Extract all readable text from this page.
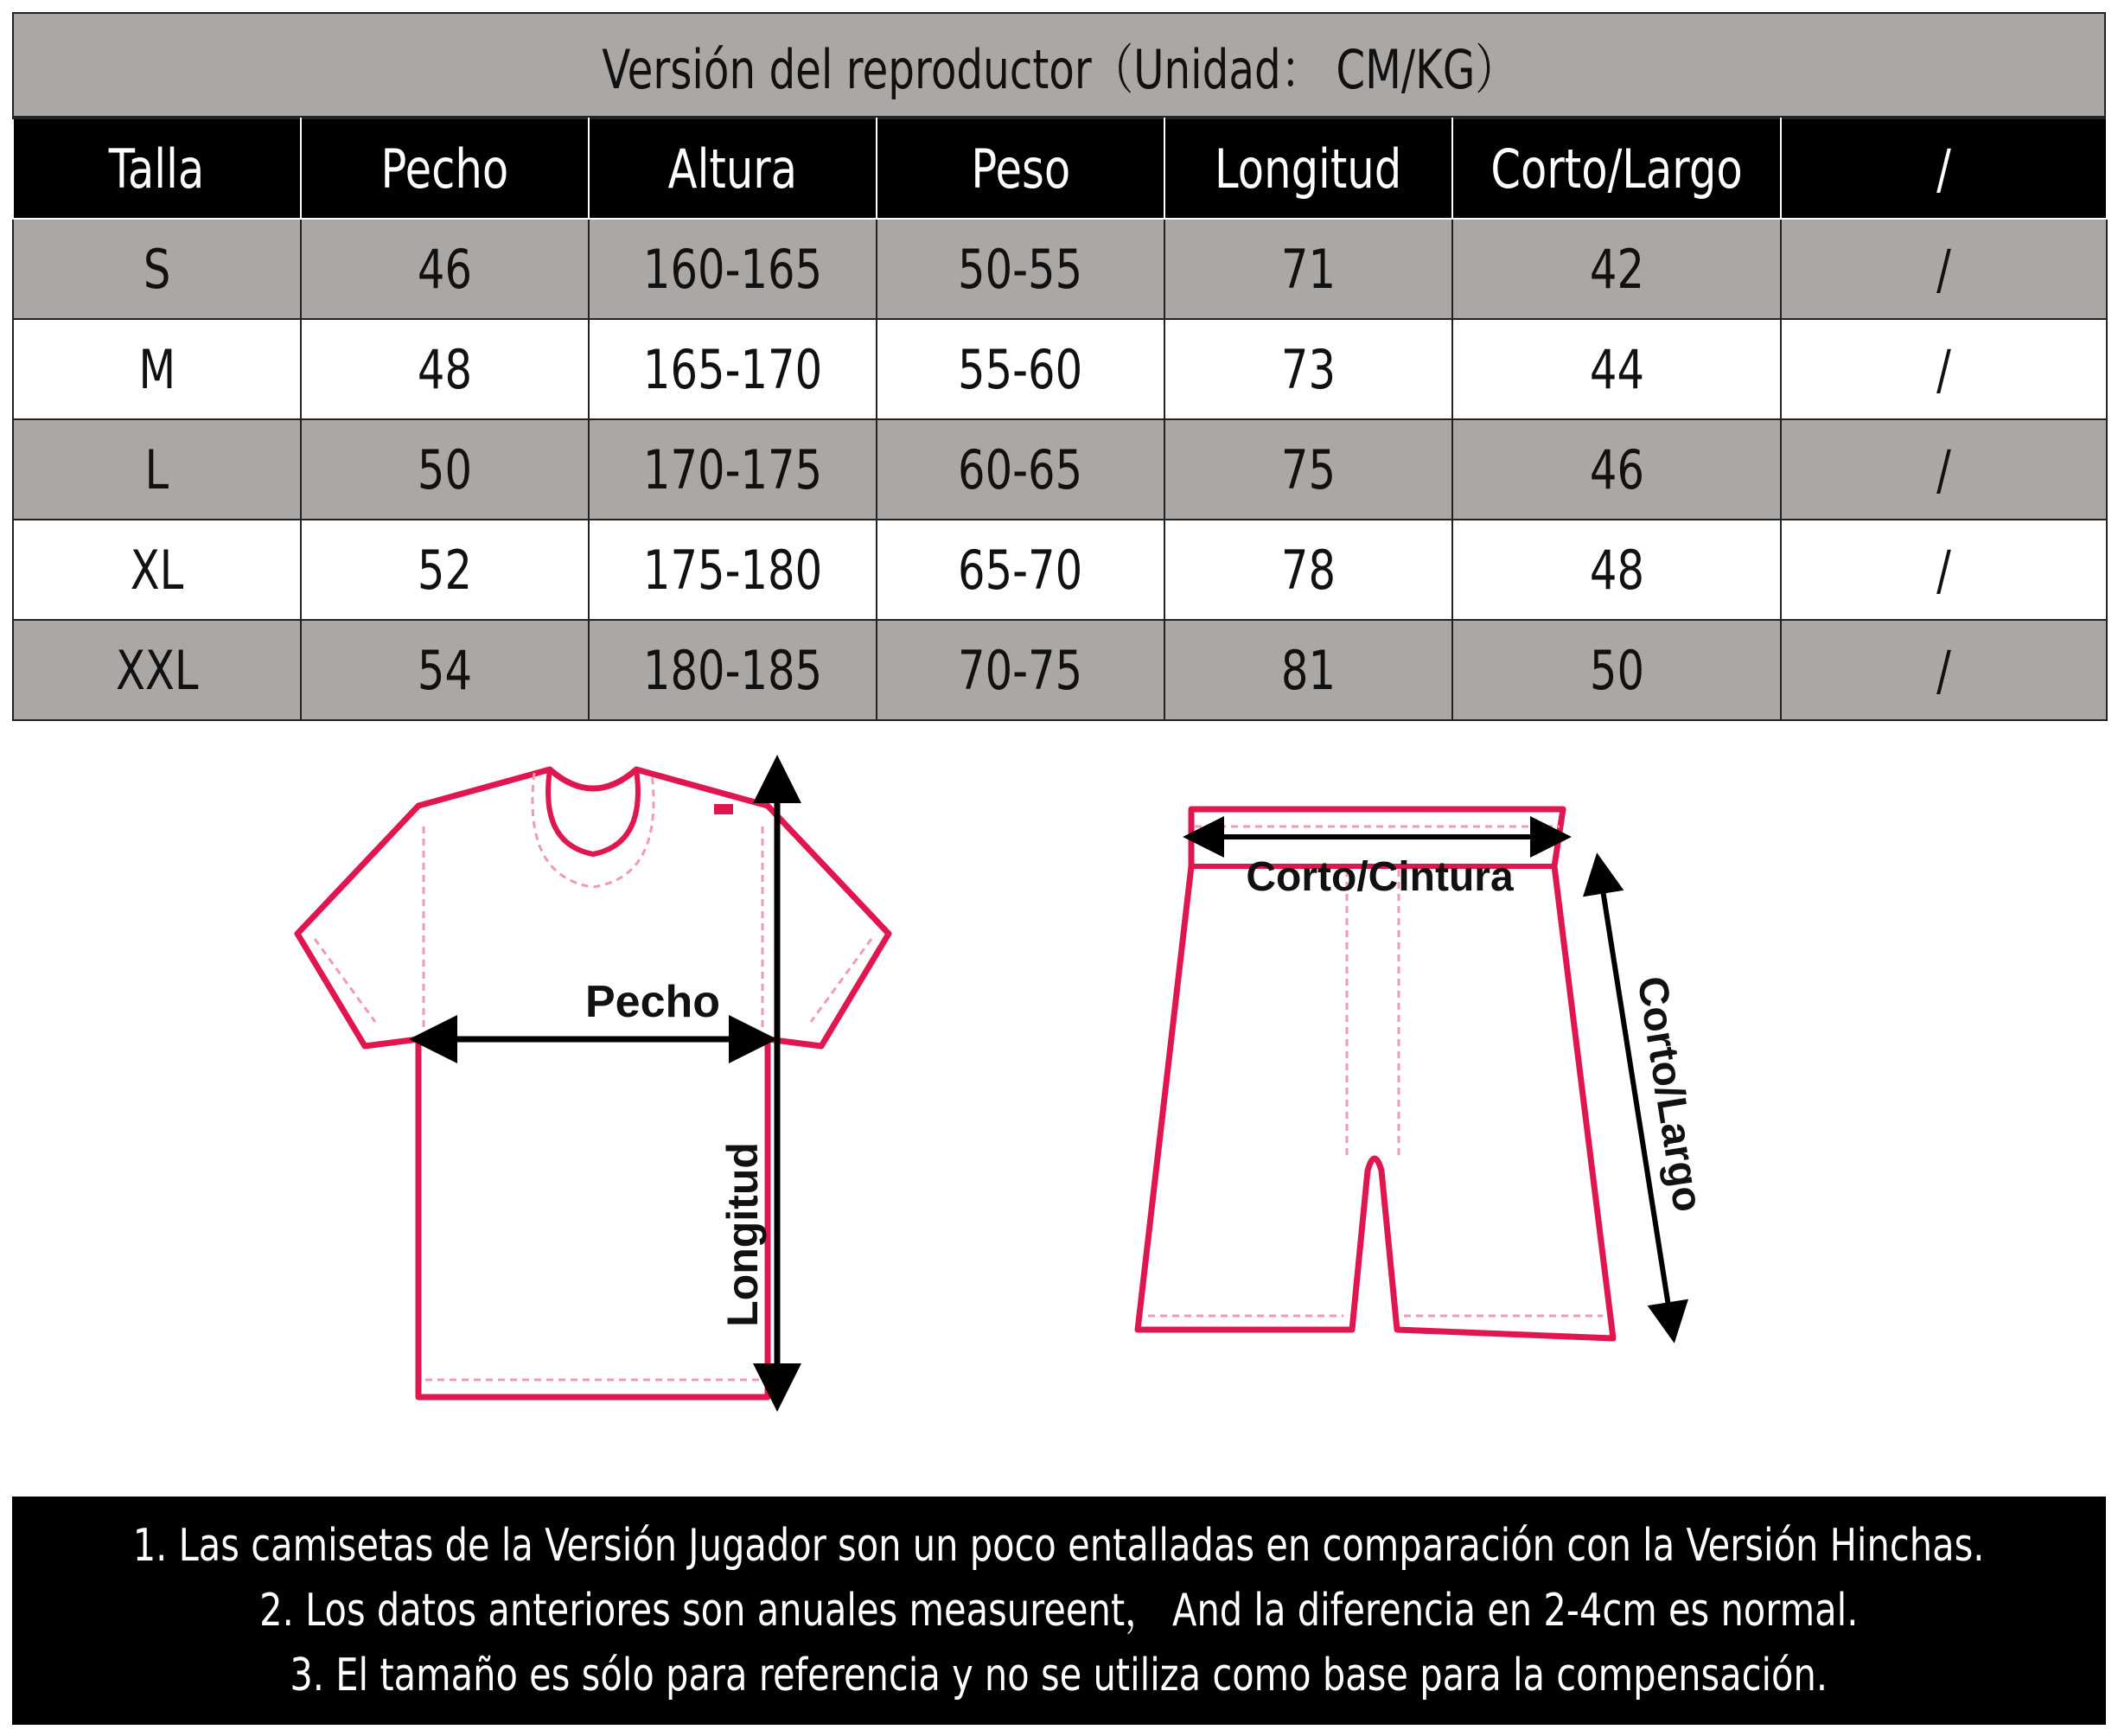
Versión del reproductor（Unidad： CM/KG）
Talla	Pecho	Altura	Peso	Longitud	Corto/Largo	/
S	46	160-165	50-55	71	42	/
M	48	165-170	55-60	73	44	/
L	50	170-175	60-65	75	46	/
XL	52	175-180	65-70	78	48	/
XXL	54	180-185	70-75	81	50	/
Pecho
Longitud
Corto/Cintura
Corto/Largo
1. Las camisetas de la Versión Jugador son un poco entalladas en comparación con la Versión Hinchas.
2. Los datos anteriores son anuales measureent， And la diferencia en 2-4cm es normal.
3. El tamaño es sólo para referencia y no se utiliza como base para la compensación.
